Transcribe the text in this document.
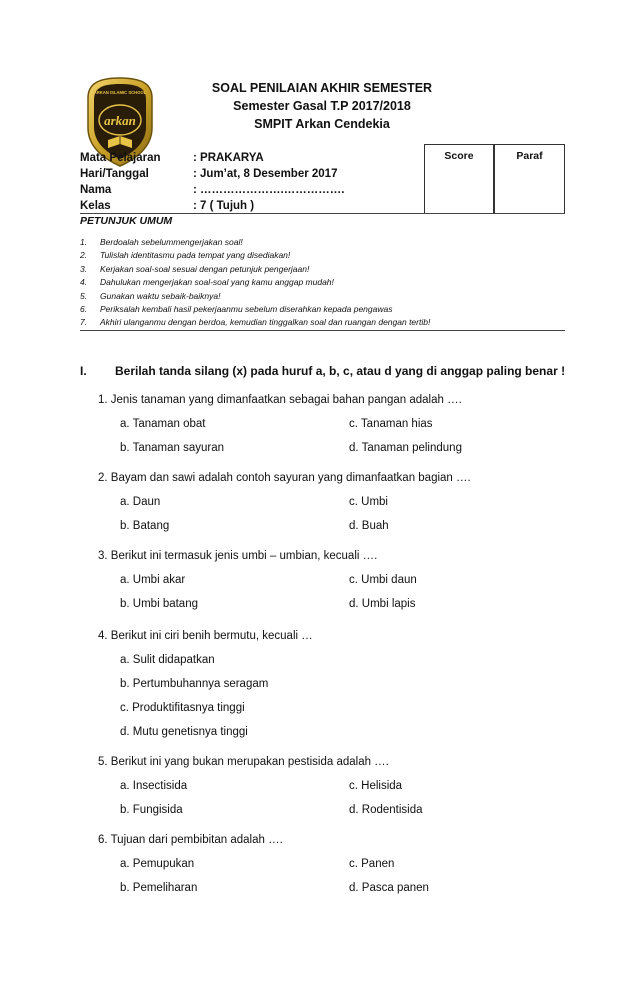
ARKAN ISLAMIC SCHOOL
arkan
SOAL PENILAIAN AKHIR SEMESTER
Semester Gasal T.P 2017/2018
SMPIT Arkan Cendekia
Mata Pelajaran	: PRAKARYA
Hari/Tanggal	: Jum’at, 8 Desember 2017
Nama	: ………………….…………….
Kelas	: 7 ( Tujuh )
Score	Paraf
PETUNJUK UMUM
1. Berdoalah sebelummengerjakan soal!
2. Tulislah identitasmu pada tempat yang disediakan!
3. Kerjakan soal-soal sesuai dengan petunjuk pengerjaan!
4. Dahulukan mengerjakan soal-soal yang kamu anggap mudah!
5. Gunakan waktu sebaik-baiknya!
6. Periksalah kembali hasil pekerjaanmu sebelum diserahkan kepada pengawas
7. Akhiri ulanganmu dengan berdoa, kemudian tinggalkan soal dan ruangan dengan tertib!
I. Berilah tanda silang (x) pada huruf a, b, c, atau d yang di anggap paling benar !
1. Jenis tanaman yang dimanfaatkan sebagai bahan pangan adalah ….
a. Tanaman obat
b. Tanaman sayuran
c. Tanaman hias
d. Tanaman pelindung
2. Bayam dan sawi adalah contoh sayuran yang dimanfaatkan bagian ….
a. Daun
b. Batang
c. Umbi
d. Buah
3. Berikut ini termasuk jenis umbi – umbian, kecuali ….
a. Umbi akar
b. Umbi batang
c. Umbi daun
d. Umbi lapis
4. Berikut ini ciri benih bermutu, kecuali …
a. Sulit didapatkan
b. Pertumbuhannya seragam
c. Produktifitasnya tinggi
d. Mutu genetisnya tinggi
5. Berikut ini yang bukan merupakan pestisida adalah ….
a. Insectisida
b. Fungisida
c. Helisida
d. Rodentisida
6. Tujuan dari pembibitan adalah ….
a. Pemupukan
b. Pemeliharan
c. Panen
d. Pasca panen
